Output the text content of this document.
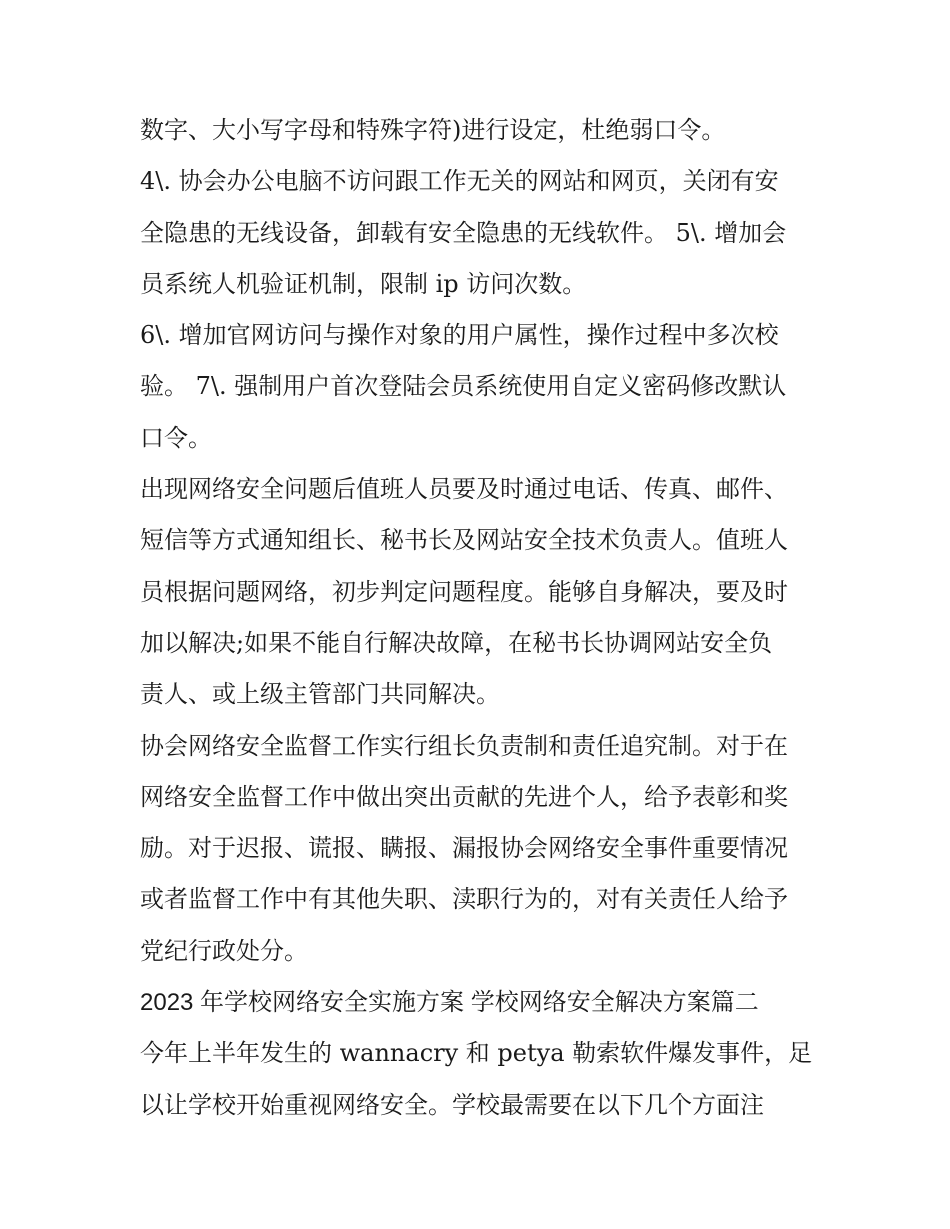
数字、大小写字母和特殊字符)进行设定，杜绝弱口令。
4\. 协会办公电脑不访问跟工作无关的网站和网页，关闭有安
全隐患的无线设备，卸载有安全隐患的无线软件。 5\. 增加会
员系统人机验证机制，限制 ip 访问次数。
6\. 增加官网访问与操作对象的用户属性，操作过程中多次校
验。 7\. 强制用户首次登陆会员系统使用自定义密码修改默认
口令。
出现网络安全问题后值班人员要及时通过电话、传真、邮件、
短信等方式通知组长、秘书长及网站安全技术负责人。值班人
员根据问题网络，初步判定问题程度。能够自身解决，要及时
加以解决;如果不能自行解决故障，在秘书长协调网站安全负
责人、或上级主管部门共同解决。
协会网络安全监督工作实行组长负责制和责任追究制。对于在
网络安全监督工作中做出突出贡献的先进个人，给予表彰和奖
励。对于迟报、谎报、瞒报、漏报协会网络安全事件重要情况
或者监督工作中有其他失职、渎职行为的，对有关责任人给予
党纪行政处分。
2023 年学校网络安全实施方案 学校网络安全解决方案篇二
今年上半年发生的 wannacry 和 petya 勒索软件爆发事件，足
以让学校开始重视网络安全。学校最需要在以下几个方面注
